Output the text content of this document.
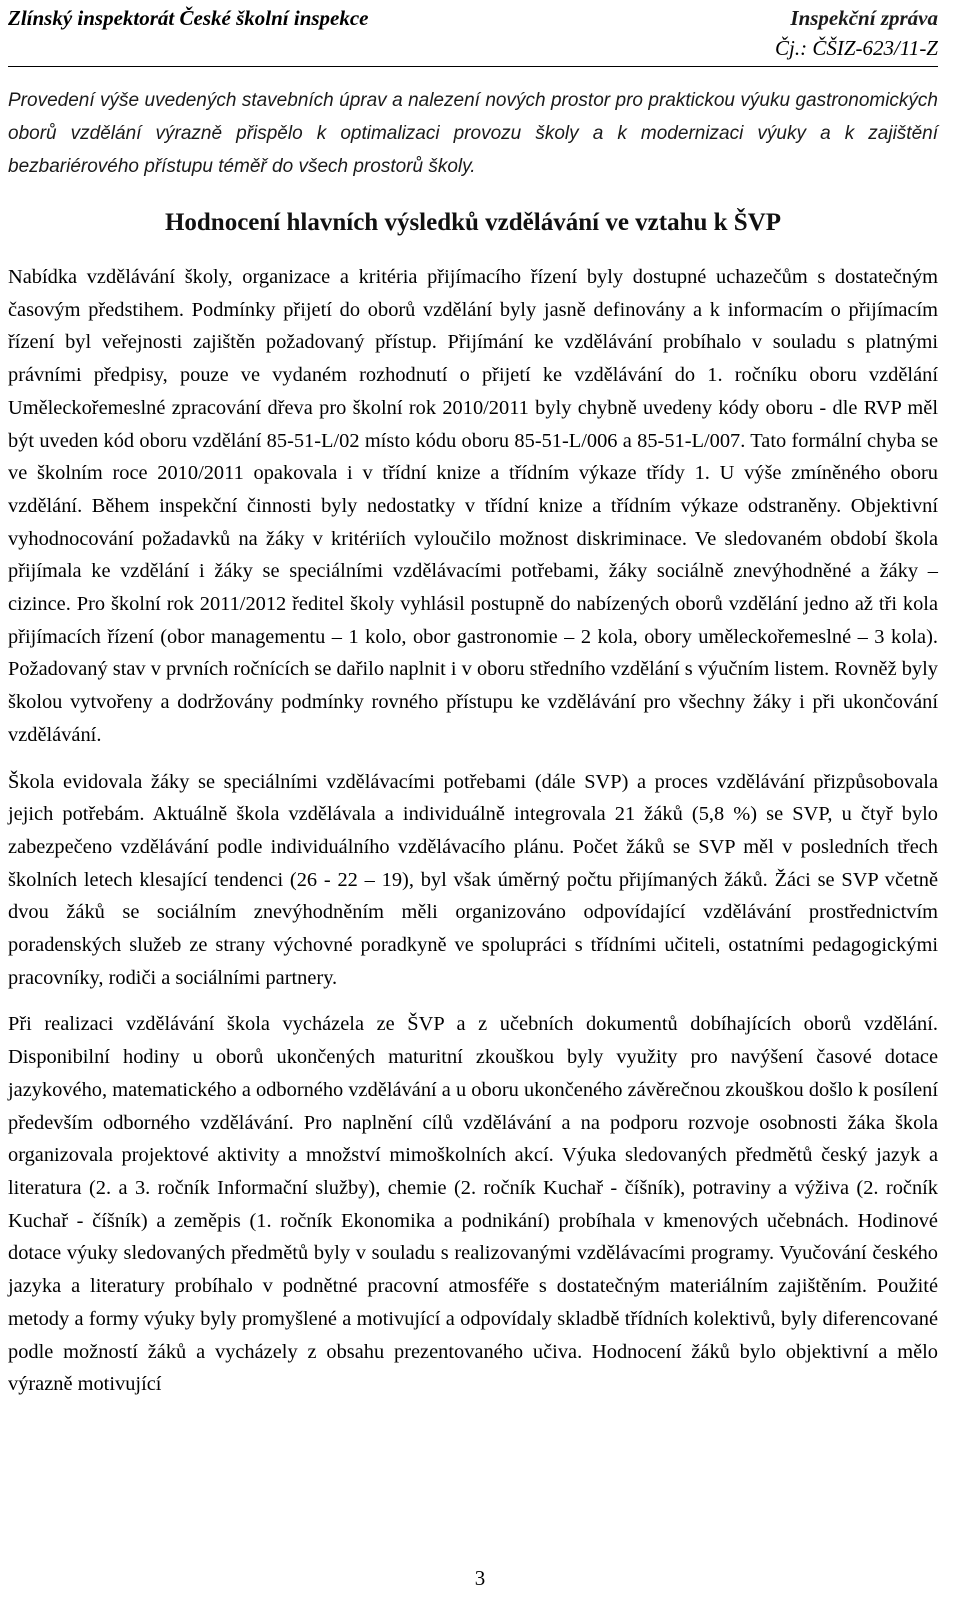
Zlínský inspektorát České školní inspekce	Inspekční zpráva
Čj.: ČŠIZ-623/11-Z

Provedení výše uvedených stavebních úprav a nalezení nových prostor pro praktickou výuku gastronomických oborů vzdělání výrazně přispělo k optimalizaci provozu školy a k modernizaci výuky a k zajištění bezbariérového přístupu téměř do všech prostorů školy.

Hodnocení hlavních výsledků vzdělávání ve vztahu k ŠVP

Nabídka vzdělávání školy, organizace a kritéria přijímacího řízení byly dostupné uchazečům s dostatečným časovým předstihem. Podmínky přijetí do oborů vzdělání byly jasně definovány a k informacím o přijímacím řízení byl veřejnosti zajištěn požadovaný přístup. Přijímání ke vzdělávání probíhalo v souladu s platnými právními předpisy, pouze ve vydaném rozhodnutí o přijetí ke vzdělávání do 1. ročníku oboru vzdělání Uměleckořemeslné zpracování dřeva pro školní rok 2010/2011 byly chybně uvedeny kódy oboru - dle RVP měl být uveden kód oboru vzdělání 85-51-L/02 místo kódu oboru 85-51-L/006 a 85-51-L/007. Tato formální chyba se ve školním roce 2010/2011 opakovala i v třídní knize a třídním výkaze třídy 1. U výše zmíněného oboru vzdělání. Během inspekční činnosti byly nedostatky v třídní knize a třídním výkaze odstraněny. Objektivní vyhodnocování požadavků na žáky v kritériích vyloučilo možnost diskriminace. Ve sledovaném období škola přijímala ke vzdělání i žáky se speciálními vzdělávacími potřebami, žáky sociálně znevýhodněné a žáky – cizince. Pro školní rok 2011/2012 ředitel školy vyhlásil postupně do nabízených oborů vzdělání jedno až tři kola přijímacích řízení (obor managementu – 1 kolo, obor gastronomie – 2 kola, obory uměleckořemeslné – 3 kola). Požadovaný stav v prvních ročnících se dařilo naplnit i v oboru středního vzdělání s výučním listem. Rovněž byly školou vytvořeny a dodržovány podmínky rovného přístupu ke vzdělávání pro všechny žáky i při ukončování vzdělávání.

Škola evidovala žáky se speciálními vzdělávacími potřebami (dále SVP) a proces vzdělávání přizpůsobovala jejich potřebám. Aktuálně škola vzdělávala a individuálně integrovala 21 žáků (5,8 %) se SVP, u čtyř bylo zabezpečeno vzdělávání podle individuálního vzdělávacího plánu. Počet žáků se SVP měl v posledních třech školních letech klesající tendenci (26 - 22 – 19), byl však úměrný počtu přijímaných žáků. Žáci se SVP včetně dvou žáků se sociálním znevýhodněním měli organizováno odpovídající vzdělávání prostřednictvím poradenských služeb ze strany výchovné poradkyně ve spolupráci s třídními učiteli, ostatními pedagogickými pracovníky, rodiči a sociálními partnery.

Při realizaci vzdělávání škola vycházela ze ŠVP a z učebních dokumentů dobíhajících oborů vzdělání. Disponibilní hodiny u oborů ukončených maturitní zkouškou byly využity pro navýšení časové dotace jazykového, matematického a odborného vzdělávání a u oboru ukončeného závěrečnou zkouškou došlo k posílení především odborného vzdělávání. Pro naplnění cílů vzdělávání a na podporu rozvoje osobnosti žáka škola organizovala projektové aktivity a množství mimoškolních akcí. Výuka sledovaných předmětů český jazyk a literatura (2. a 3. ročník Informační služby), chemie (2. ročník Kuchař - číšník), potraviny a výživa (2. ročník Kuchař - číšník) a zeměpis (1. ročník Ekonomika a podnikání) probíhala v kmenových učebnách. Hodinové dotace výuky sledovaných předmětů byly v souladu s realizovanými vzdělávacími programy. Vyučování českého jazyka a literatury probíhalo v podnětné pracovní atmosféře s dostatečným materiálním zajištěním. Použité metody a formy výuky byly promyšlené a motivující a odpovídaly skladbě třídních kolektivů, byly diferencované podle možností žáků a vycházely z obsahu prezentovaného učiva. Hodnocení žáků bylo objektivní a mělo výrazně motivující

3
